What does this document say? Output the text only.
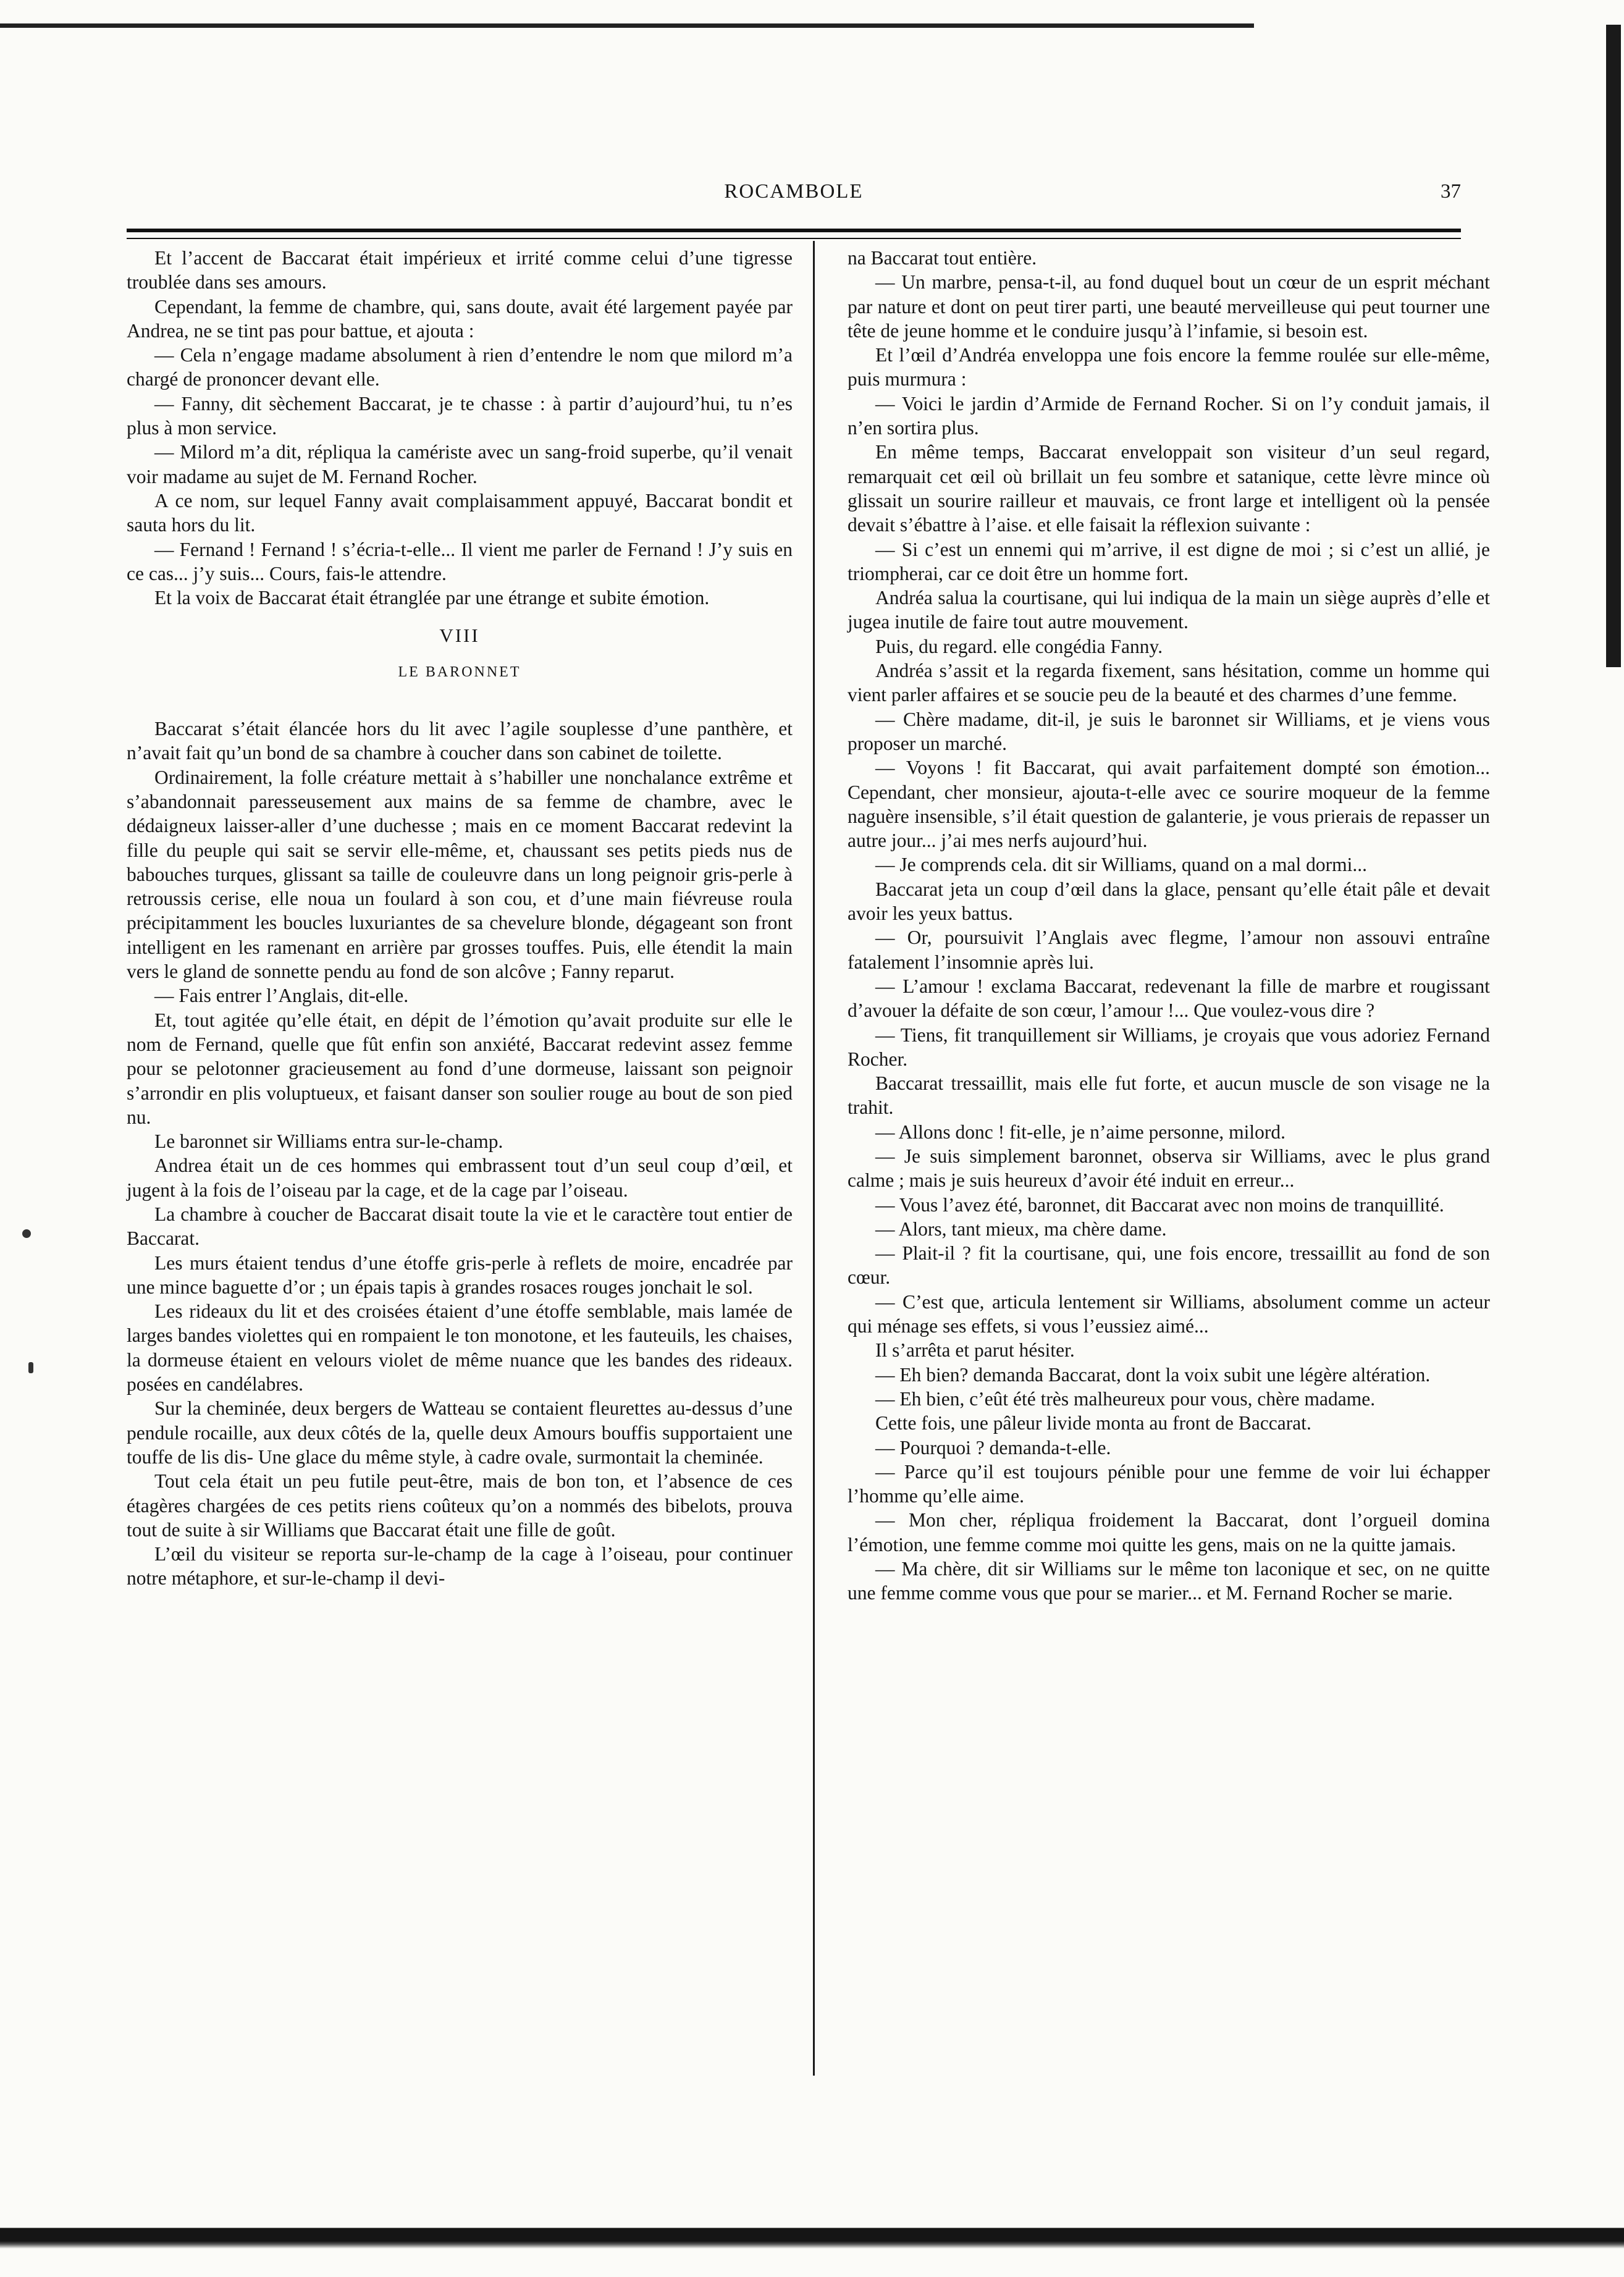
ROCAMBOLE	37

Et l’accent de Baccarat était impérieux et irrité comme celui d’une tigresse troublée dans ses amours.

Cependant, la femme de chambre, qui, sans doute, avait été largement payée par Andrea, ne se tint pas pour battue, et ajouta :

— Cela n’engage madame absolument à rien d’entendre le nom que milord m’a chargé de prononcer devant elle.

— Fanny, dit sèchement Baccarat, je te chasse : à partir d’aujourd’hui, tu n’es plus à mon service.

— Milord m’a dit, répliqua la camériste avec un sang-froid superbe, qu’il venait voir madame au sujet de M. Fernand Rocher.

A ce nom, sur lequel Fanny avait complaisamment appuyé, Baccarat bondit et sauta hors du lit.

— Fernand ! Fernand ! s’écria-t-elle... Il vient me parler de Fernand ! J’y suis en ce cas... j’y suis... Cours, fais-le attendre.

Et la voix de Baccarat était étranglée par une étrange et subite émotion.

VIII

LE BARONNET

Baccarat s’était élancée hors du lit avec l’agile souplesse d’une panthère, et n’avait fait qu’un bond de sa chambre à coucher dans son cabinet de toilette.

Ordinairement, la folle créature mettait à s’habiller une nonchalance extrême et s’abandonnait paresseusement aux mains de sa femme de chambre, avec le dédaigneux laisser-aller d’une duchesse ; mais en ce moment Baccarat redevint la fille du peuple qui sait se servir elle-même, et, chaussant ses petits pieds nus de babouches turques, glissant sa taille de couleuvre dans un long peignoir gris-perle à retroussis cerise, elle noua un foulard à son cou, et d’une main fiévreuse roula précipitamment les boucles luxuriantes de sa chevelure blonde, dégageant son front intelligent en les ramenant en arrière par grosses touffes. Puis, elle étendit la main vers le gland de sonnette pendu au fond de son alcôve ; Fanny reparut.

— Fais entrer l’Anglais, dit-elle.

Et, tout agitée qu’elle était, en dépit de l’émotion qu’avait produite sur elle le nom de Fernand, quelle que fût enfin son anxiété, Baccarat redevint assez femme pour se pelotonner gracieusement au fond d’une dormeuse, laissant son peignoir s’arrondir en plis voluptueux, et faisant danser son soulier rouge au bout de son pied nu.

Le baronnet sir Williams entra sur-le-champ.

Andrea était un de ces hommes qui embrassent tout d’un seul coup d’œil, et jugent à la fois de l’oiseau par la cage, et de la cage par l’oiseau.

La chambre à coucher de Baccarat disait toute la vie et le caractère tout entier de Baccarat.

Les murs étaient tendus d’une étoffe gris-perle à reflets de moire, encadrée par une mince baguette d’or ; un épais tapis à grandes rosaces rouges jonchait le sol.

Les rideaux du lit et des croisées étaient d’une étoffe semblable, mais lamée de larges bandes violettes qui en rompaient le ton monotone, et les fauteuils, les chaises, la dormeuse étaient en velours violet de même nuance que les bandes des rideaux. posées en candélabres.

Sur la cheminée, deux bergers de Watteau se contaient fleurettes au-dessus d’une pendule rocaille, aux deux côtés de la, quelle deux Amours bouffis supportaient une touffe de lis dis- Une glace du même style, à cadre ovale, surmontait la cheminée.

Tout cela était un peu futile peut-être, mais de bon ton, et l’absence de ces étagères chargées de ces petits riens coûteux qu’on a nommés des bibelots, prouva tout de suite à sir Williams que Baccarat était une fille de goût.

L’œil du visiteur se reporta sur-le-champ de la cage à l’oiseau, pour continuer notre métaphore, et sur-le-champ il devi-

na Baccarat tout entière.

— Un marbre, pensa-t-il, au fond duquel bout un cœur de un esprit méchant par nature et dont on peut tirer parti, une beauté merveilleuse qui peut tourner une tête de jeune homme et le conduire jusqu’à l’infamie, si besoin est.

Et l’œil d’Andréa enveloppa une fois encore la femme roulée sur elle-même, puis murmura :

— Voici le jardin d’Armide de Fernand Rocher. Si on l’y conduit jamais, il n’en sortira plus.

En même temps, Baccarat enveloppait son visiteur d’un seul regard, remarquait cet œil où brillait un feu sombre et satanique, cette lèvre mince où glissait un sourire railleur et mauvais, ce front large et intelligent où la pensée devait s’ébattre à l’aise. et elle faisait la réflexion suivante :

— Si c’est un ennemi qui m’arrive, il est digne de moi ; si c’est un allié, je triompherai, car ce doit être un homme fort.

Andréa salua la courtisane, qui lui indiqua de la main un siège auprès d’elle et jugea inutile de faire tout autre mouvement.

Puis, du regard. elle congédia Fanny.

Andréa s’assit et la regarda fixement, sans hésitation, comme un homme qui vient parler affaires et se soucie peu de la beauté et des charmes d’une femme.

— Chère madame, dit-il, je suis le baronnet sir Williams, et je viens vous proposer un marché.

— Voyons ! fit Baccarat, qui avait parfaitement dompté son émotion... Cependant, cher monsieur, ajouta-t-elle avec ce sourire moqueur de la femme naguère insensible, s’il était question de galanterie, je vous prierais de repasser un autre jour... j’ai mes nerfs aujourd’hui.

— Je comprends cela. dit sir Williams, quand on a mal dormi...

Baccarat jeta un coup d’œil dans la glace, pensant qu’elle était pâle et devait avoir les yeux battus.

— Or, poursuivit l’Anglais avec flegme, l’amour non assouvi entraîne fatalement l’insomnie après lui.

— L’amour ! exclama Baccarat, redevenant la fille de marbre et rougissant d’avouer la défaite de son cœur, l’amour !... Que voulez-vous dire ?

— Tiens, fit tranquillement sir Williams, je croyais que vous adoriez Fernand Rocher.

Baccarat tressaillit, mais elle fut forte, et aucun muscle de son visage ne la trahit.

— Allons donc ! fit-elle, je n’aime personne, milord.

— Je suis simplement baronnet, observa sir Williams, avec le plus grand calme ; mais je suis heureux d’avoir été induit en erreur...

— Vous l’avez été, baronnet, dit Baccarat avec non moins de tranquillité.

— Alors, tant mieux, ma chère dame.

— Plait-il ? fit la courtisane, qui, une fois encore, tressaillit au fond de son cœur.

— C’est que, articula lentement sir Williams, absolument comme un acteur qui ménage ses effets, si vous l’eussiez aimé...

Il s’arrêta et parut hésiter.

— Eh bien? demanda Baccarat, dont la voix subit une légère altération.

— Eh bien, c’eût été très malheureux pour vous, chère madame.

Cette fois, une pâleur livide monta au front de Baccarat.

— Pourquoi ? demanda-t-elle.

— Parce qu’il est toujours pénible pour une femme de voir lui échapper l’homme qu’elle aime.

— Mon cher, répliqua froidement la Baccarat, dont l’orgueil domina l’émotion, une femme comme moi quitte les gens, mais on ne la quitte jamais.

— Ma chère, dit sir Williams sur le même ton laconique et sec, on ne quitte une femme comme vous que pour se marier... et M. Fernand Rocher se marie.
